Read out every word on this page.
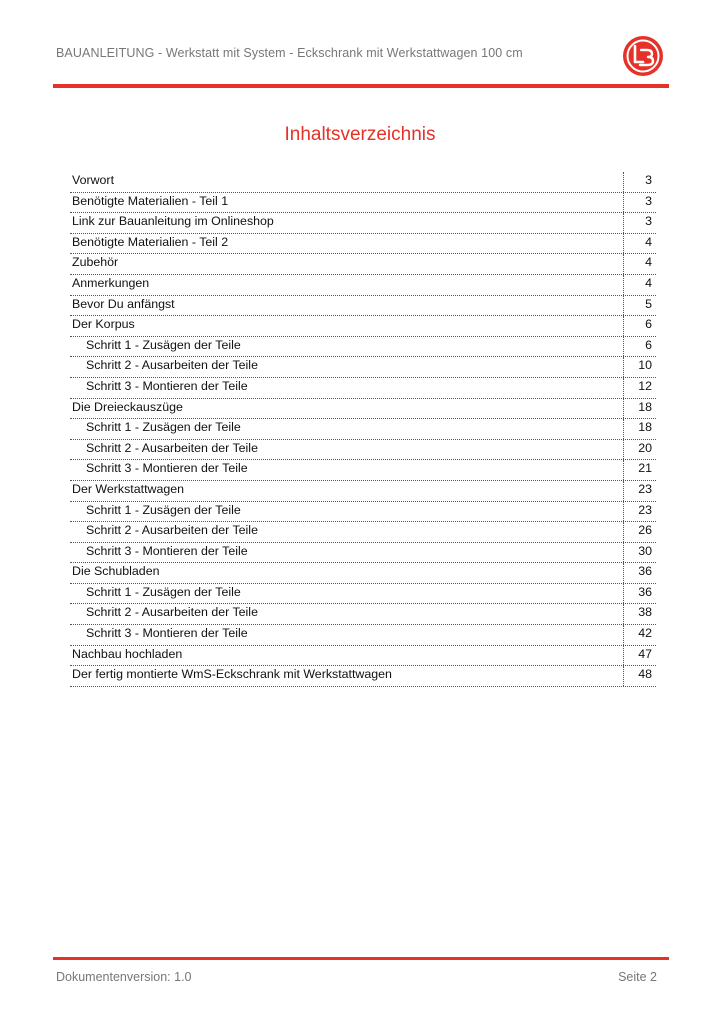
BAUANLEITUNG - Werkstatt mit System - Eckschrank mit Werkstattwagen 100 cm
Inhaltsverzeichnis
Vorwort	3
Benötigte Materialien - Teil 1	3
Link zur Bauanleitung im Onlineshop	3
Benötigte Materialien - Teil 2	4
Zubehör	4
Anmerkungen	4
Bevor Du anfängst	5
Der Korpus	6
Schritt 1 - Zusägen der Teile	6
Schritt 2 - Ausarbeiten der Teile	10
Schritt 3 - Montieren der Teile	12
Die Dreieckauszüge	18
Schritt 1 - Zusägen der Teile	18
Schritt 2 - Ausarbeiten der Teile	20
Schritt 3 - Montieren der Teile	21
Der Werkstattwagen	23
Schritt 1 - Zusägen der Teile	23
Schritt 2 - Ausarbeiten der Teile	26
Schritt 3 - Montieren der Teile	30
Die Schubladen	36
Schritt 1 - Zusägen der Teile	36
Schritt 2 - Ausarbeiten der Teile	38
Schritt 3 - Montieren der Teile	42
Nachbau hochladen	47
Der fertig montierte WmS-Eckschrank mit Werkstattwagen	48
Dokumentenversion: 1.0	Seite 2
